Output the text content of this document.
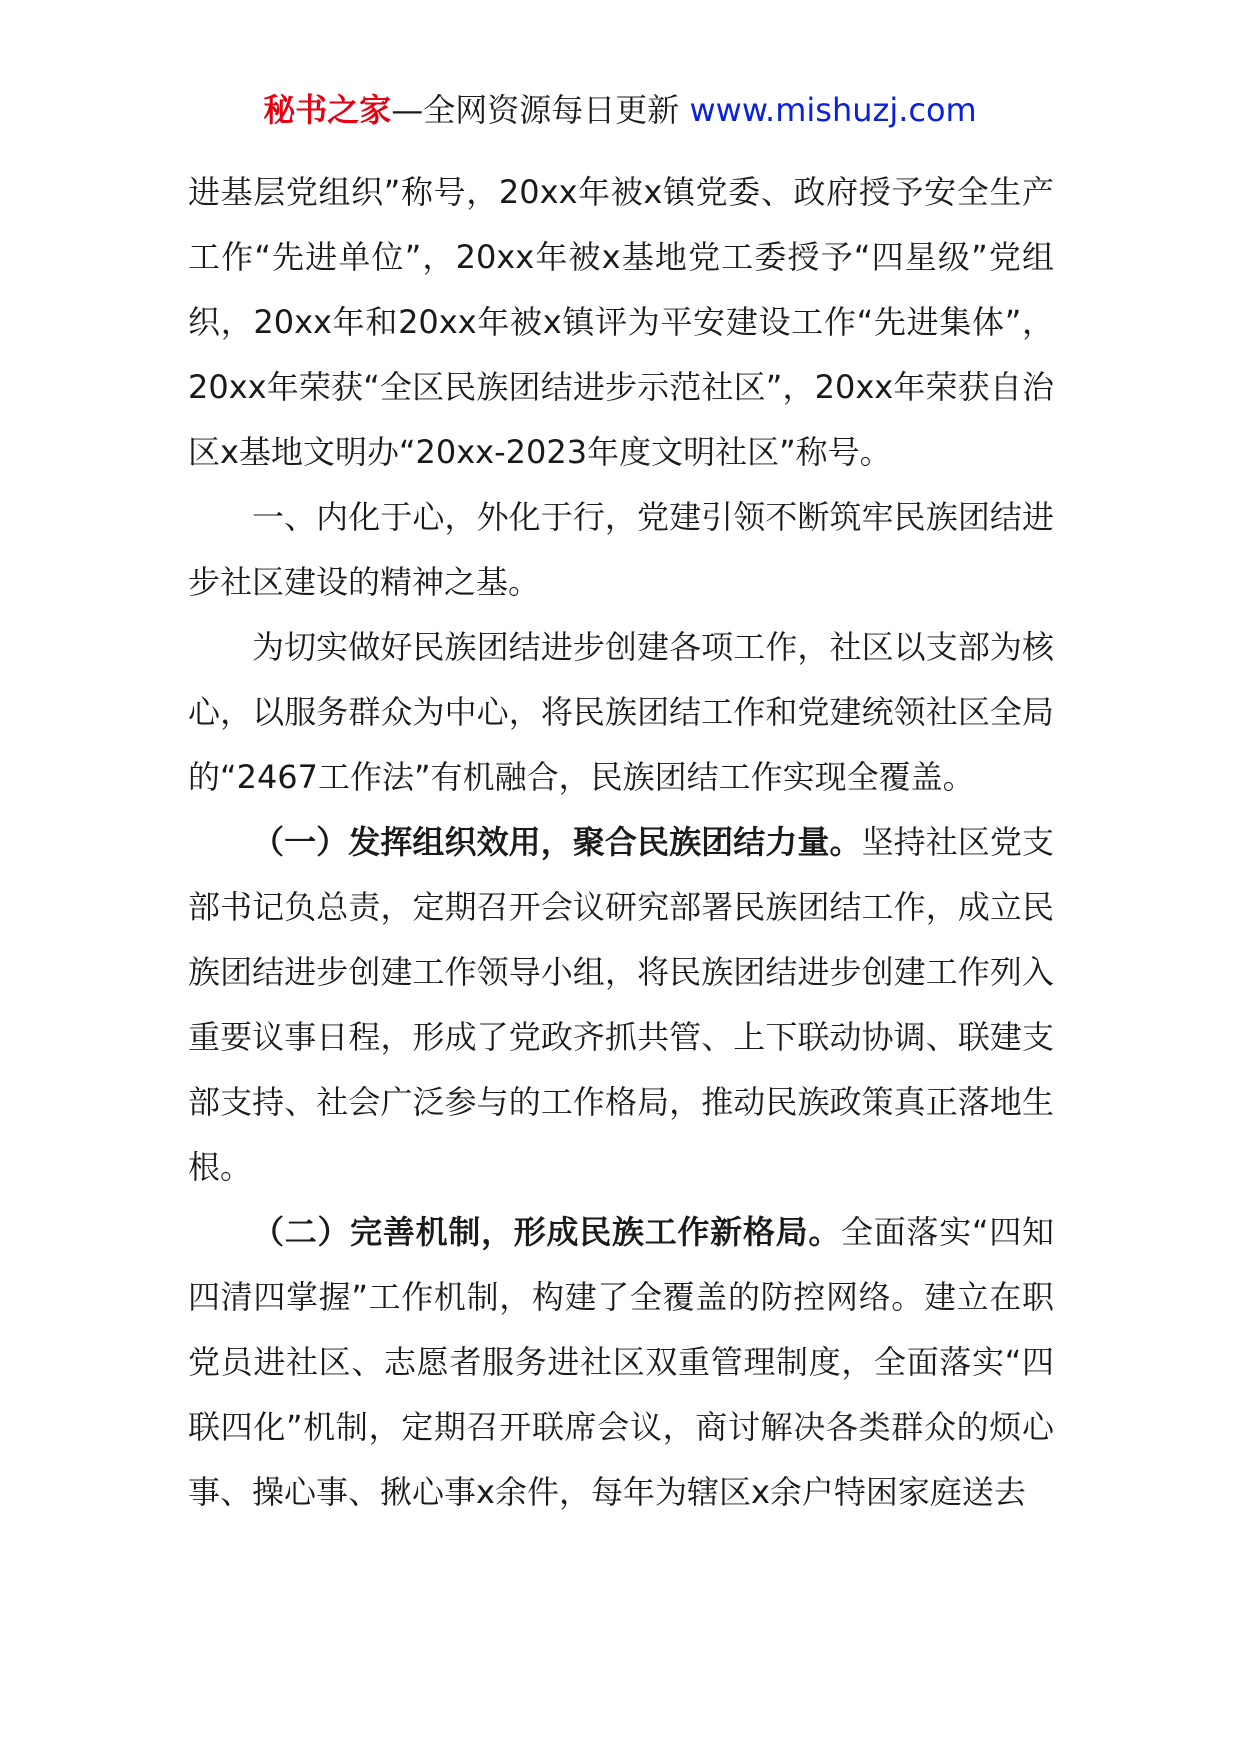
秘书之家—全网资源每日更新 www.mishuzj.com

进基层党组织”称号，20xx年被x镇党委、政府授予安全生产工作“先进单位”，20xx年被x基地党工委授予“四星级”党组织，20xx年和20xx年被x镇评为平安建设工作“先进集体”，20xx年荣获“全区民族团结进步示范社区”，20xx年荣获自治区x基地文明办“20xx-2023年度文明社区”称号。

一、内化于心，外化于行，党建引领不断筑牢民族团结进步社区建设的精神之基。

为切实做好民族团结进步创建各项工作，社区以支部为核心，以服务群众为中心，将民族团结工作和党建统领社区全局的“2467工作法”有机融合，民族团结工作实现全覆盖。

（一）发挥组织效用，聚合民族团结力量。坚持社区党支部书记负总责，定期召开会议研究部署民族团结工作，成立民族团结进步创建工作领导小组，将民族团结进步创建工作列入重要议事日程，形成了党政齐抓共管、上下联动协调、联建支部支持、社会广泛参与的工作格局，推动民族政策真正落地生根。

（二）完善机制，形成民族工作新格局。全面落实“四知四清四掌握”工作机制，构建了全覆盖的防控网络。建立在职党员进社区、志愿者服务进社区双重管理制度，全面落实“四联四化”机制，定期召开联席会议，商讨解决各类群众的烦心事、操心事、揪心事x余件，每年为辖区x余户特困家庭送去
